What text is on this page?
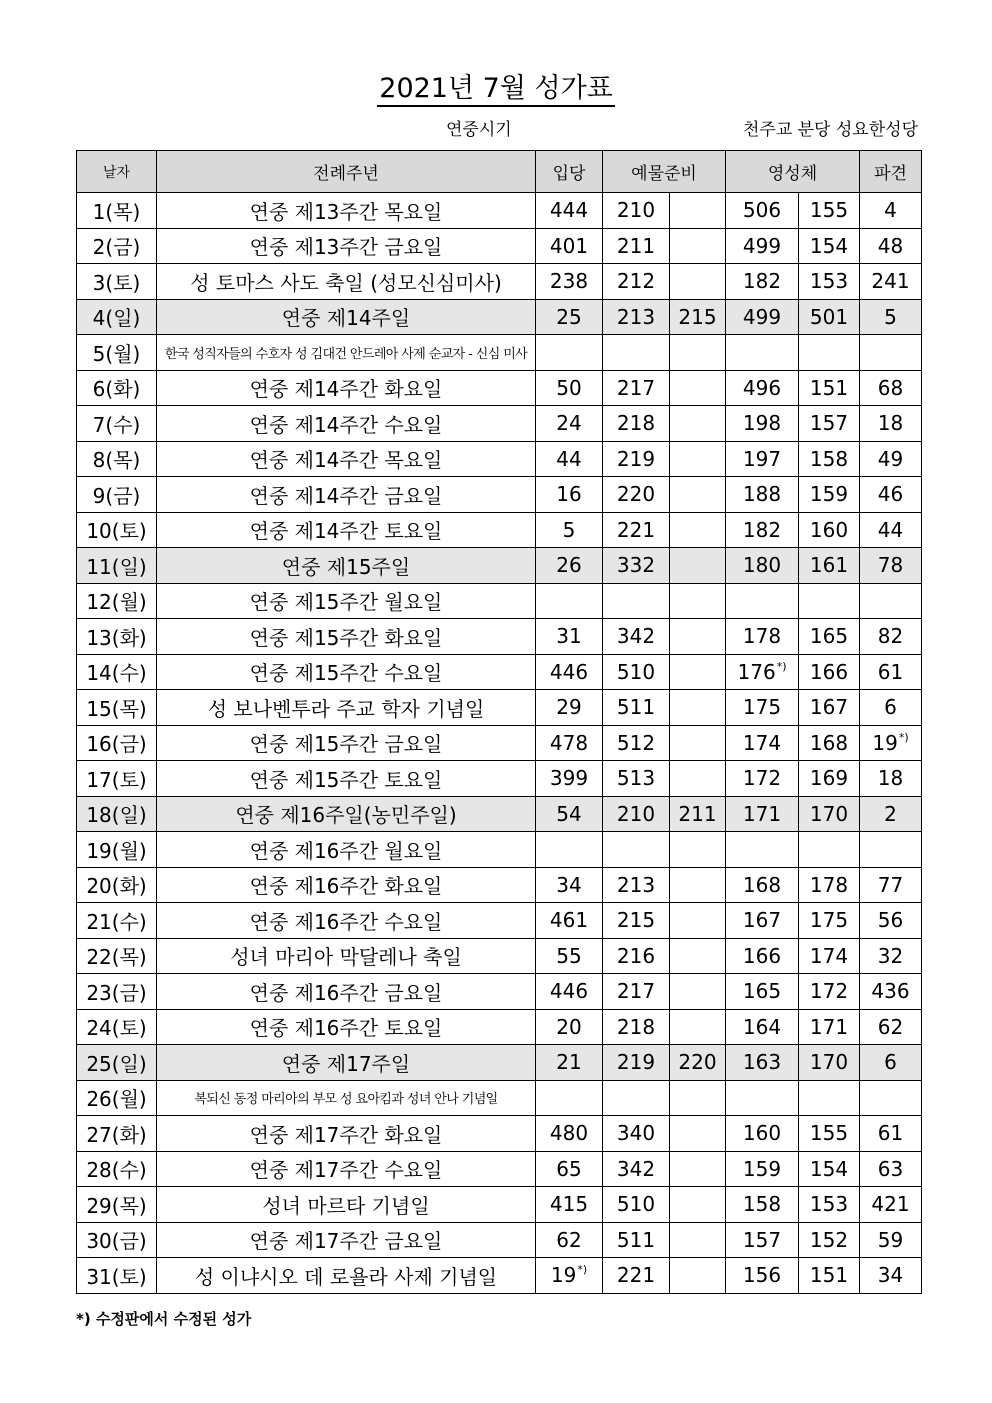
2021년 7월 성가표
연중시기	천주교 분당 성요한성당
날자	전례주년	입당	예물준비		영성체		파견
1(목)	연중 제13주간 목요일	444	210		506	155	4
2(금)	연중 제13주간 금요일	401	211		499	154	48
3(토)	성 토마스 사도 축일 (성모신심미사)	238	212		182	153	241
4(일)	연중 제14주일	25	213	215	499	501	5
5(월)	한국 성직자들의 수호자 성 김대건 안드레아 사제 순교자 - 신심 미사						
6(화)	연중 제14주간 화요일	50	217		496	151	68
7(수)	연중 제14주간 수요일	24	218		198	157	18
8(목)	연중 제14주간 목요일	44	219		197	158	49
9(금)	연중 제14주간 금요일	16	220		188	159	46
10(토)	연중 제14주간 토요일	5	221		182	160	44
11(일)	연중 제15주일	26	332		180	161	78
12(월)	연중 제15주간 월요일						
13(화)	연중 제15주간 화요일	31	342		178	165	82
14(수)	연중 제15주간 수요일	446	510		176*)	166	61
15(목)	성 보나벤투라 주교 학자 기념일	29	511		175	167	6
16(금)	연중 제15주간 금요일	478	512		174	168	19*)
17(토)	연중 제15주간 토요일	399	513		172	169	18
18(일)	연중 제16주일(농민주일)	54	210	211	171	170	2
19(월)	연중 제16주간 월요일						
20(화)	연중 제16주간 화요일	34	213		168	178	77
21(수)	연중 제16주간 수요일	461	215		167	175	56
22(목)	성녀 마리아 막달레나 축일	55	216		166	174	32
23(금)	연중 제16주간 금요일	446	217		165	172	436
24(토)	연중 제16주간 토요일	20	218		164	171	62
25(일)	연중 제17주일	21	219	220	163	170	6
26(월)	복되신 동정 마리아의 부모 성 요아킴과 성녀 안나 기념일						
27(화)	연중 제17주간 화요일	480	340		160	155	61
28(수)	연중 제17주간 수요일	65	342		159	154	63
29(목)	성녀 마르타 기념일	415	510		158	153	421
30(금)	연중 제17주간 금요일	62	511		157	152	59
31(토)	성 이냐시오 데 로욜라 사제 기념일	19*)	221		156	151	34
*) 수정판에서 수정된 성가
